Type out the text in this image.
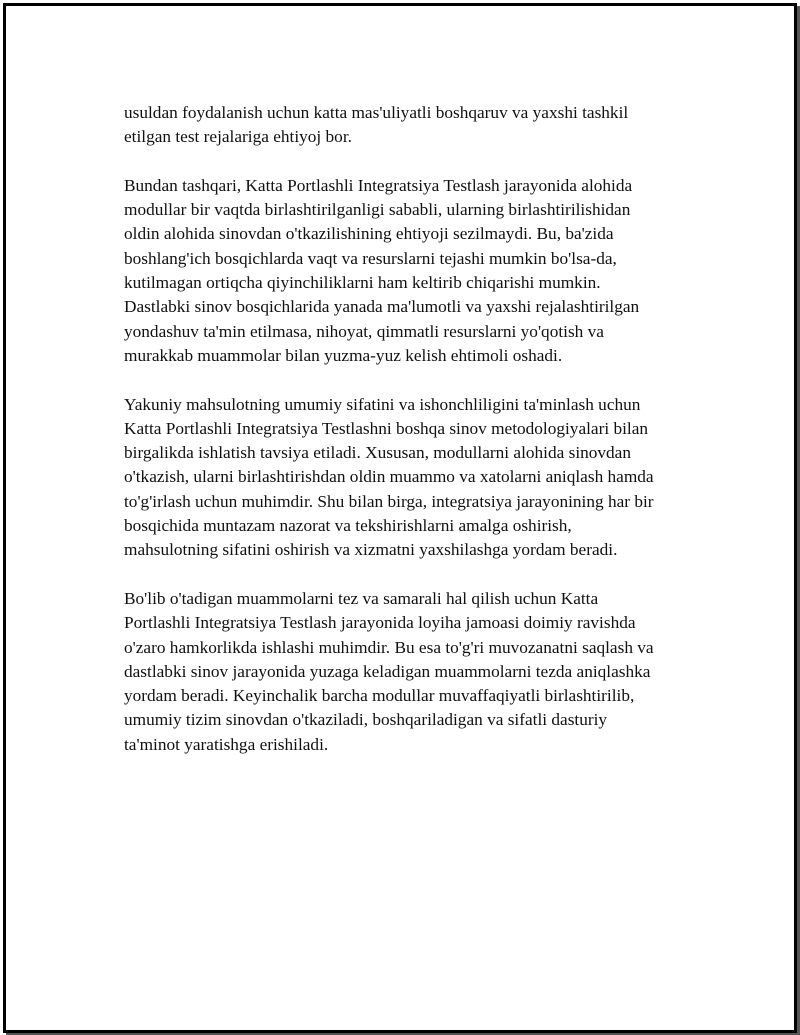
usuldan foydalanish uchun katta mas'uliyatli boshqaruv va yaxshi tashkil
etilgan test rejalariga ehtiyoj bor.

Bundan tashqari, Katta Portlashli Integratsiya Testlash jarayonida alohida
modullar bir vaqtda birlashtirilganligi sababli, ularning birlashtirilishidan
oldin alohida sinovdan o'tkazilishining ehtiyoji sezilmaydi. Bu, ba'zida
boshlang'ich bosqichlarda vaqt va resurslarni tejashi mumkin bo'lsa-da,
kutilmagan ortiqcha qiyinchiliklarni ham keltirib chiqarishi mumkin.
Dastlabki sinov bosqichlarida yanada ma'lumotli va yaxshi rejalashtirilgan
yondashuv ta'min etilmasa, nihoyat, qimmatli resurslarni yo'qotish va
murakkab muammolar bilan yuzma-yuz kelish ehtimoli oshadi.

Yakuniy mahsulotning umumiy sifatini va ishonchliligini ta'minlash uchun
Katta Portlashli Integratsiya Testlashni boshqa sinov metodologiyalari bilan
birgalikda ishlatish tavsiya etiladi. Xususan, modullarni alohida sinovdan
o'tkazish, ularni birlashtirishdan oldin muammo va xatolarni aniqlash hamda
to'g'irlash uchun muhimdir. Shu bilan birga, integratsiya jarayonining har bir
bosqichida muntazam nazorat va tekshirishlarni amalga oshirish,
mahsulotning sifatini oshirish va xizmatni yaxshilashga yordam beradi.

Bo'lib o'tadigan muammolarni tez va samarali hal qilish uchun Katta
Portlashli Integratsiya Testlash jarayonida loyiha jamoasi doimiy ravishda
o'zaro hamkorlikda ishlashi muhimdir. Bu esa to'g'ri muvozanatni saqlash va
dastlabki sinov jarayonida yuzaga keladigan muammolarni tezda aniqlashka
yordam beradi. Keyinchalik barcha modullar muvaffaqiyatli birlashtirilib,
umumiy tizim sinovdan o'tkaziladi, boshqariladigan va sifatli dasturiy
ta'minot yaratishga erishiladi.
